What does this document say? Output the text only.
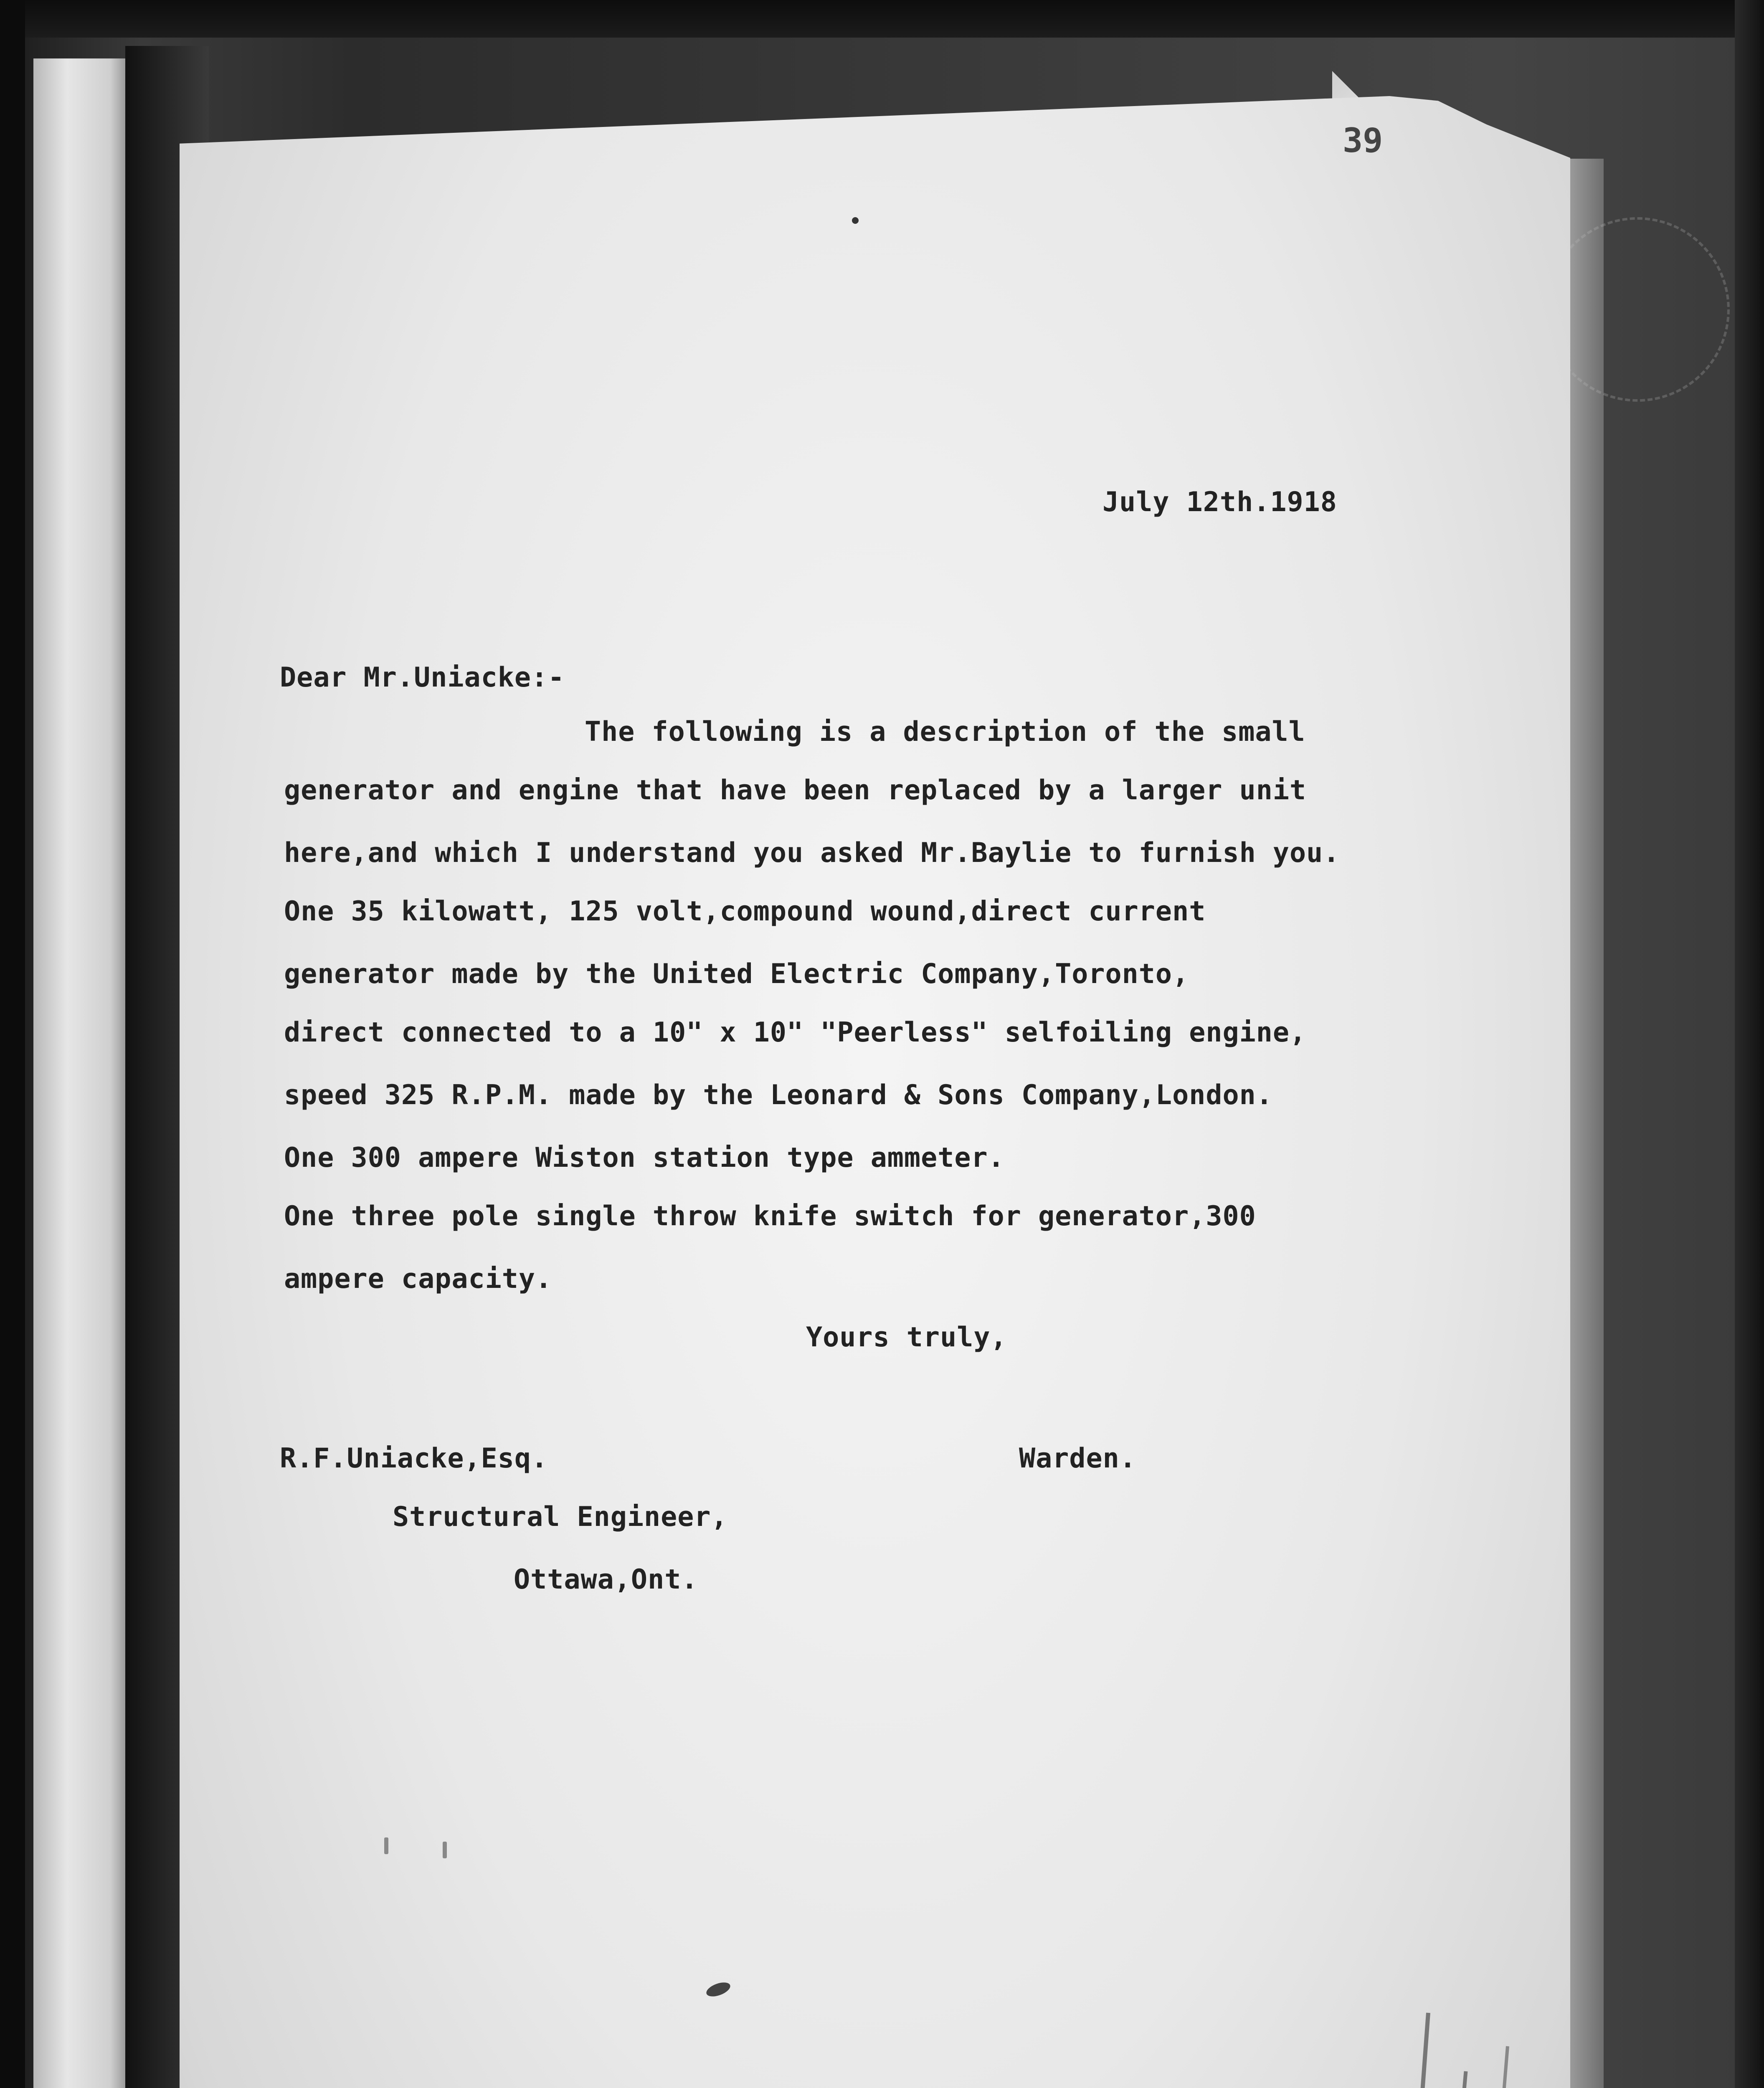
39
July 12th.1918
Dear Mr.Uniacke:-
The following is a description of the small
generator and engine that have been replaced by a larger unit
here,and which I understand you asked Mr.Baylie to furnish you.
One 35 kilowatt, 125 volt,compound wound,direct current
generator made by the United Electric Company,Toronto,
direct connected to a 10" x 10" "Peerless" selfoiling engine,
speed 325 R.P.M. made by the Leonard & Sons Company,London.
One 300 ampere Wiston station type ammeter.
One three pole single throw knife switch for generator,300
ampere capacity.
Yours truly,
Warden.
R.F.Uniacke,Esq.
Structural Engineer,
Ottawa,Ont.
